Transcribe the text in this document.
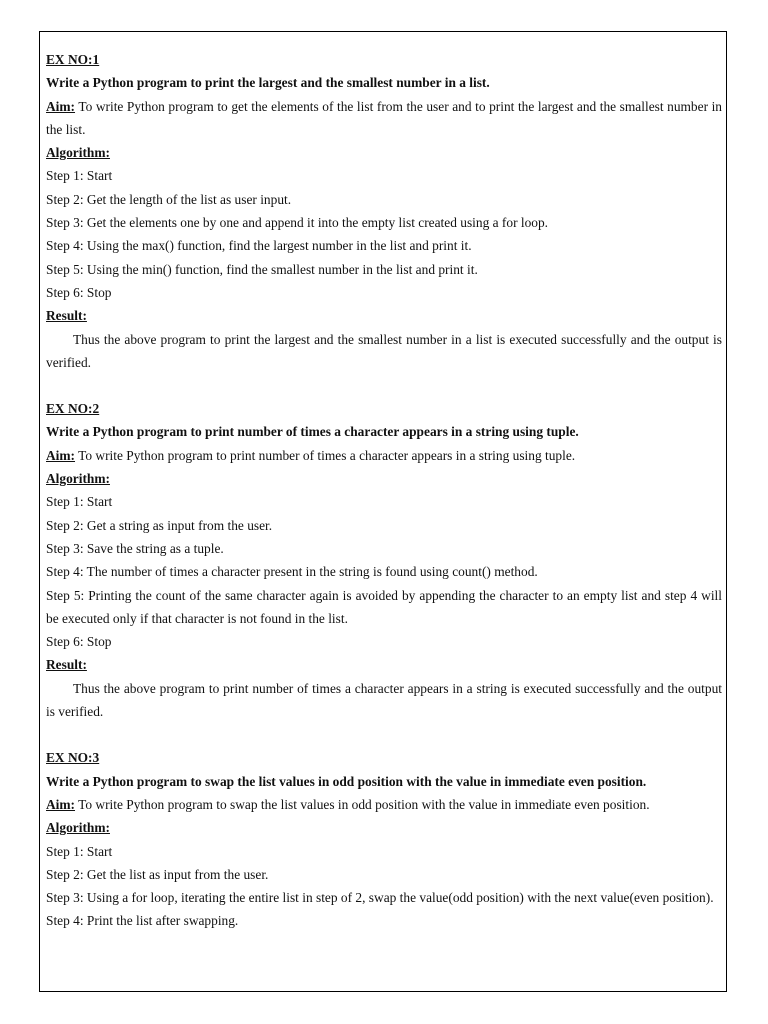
EX NO:1
Write a Python program to print the largest and the smallest number in a list.
Aim: To write Python program to get the elements of the list from the user and to print the largest and the smallest number in the list.
Algorithm:
Step 1: Start
Step 2: Get the length of the list as user input.
Step 3: Get the elements one by one and append it into the empty list created using a for loop.
Step 4: Using the max() function, find the largest number in the list and print it.
Step 5: Using the min() function, find the smallest number in the list and print it.
Step 6: Stop
Result:
Thus the above program to print the largest and the smallest number in a list is executed successfully and the output is verified.
EX NO:2
Write a Python program to print number of times a character appears in a string using tuple.
Aim: To write Python program to print number of times a character appears in a string using tuple.
Algorithm:
Step 1: Start
Step 2: Get a string as input from the user.
Step 3: Save the string as a tuple.
Step 4: The number of times a character present in the string is found using count() method.
Step 5: Printing the count of the same character again is avoided by appending the character to an empty list and step 4 will be executed only if that character is not found in the list.
Step 6: Stop
Result:
Thus the above program to print number of times a character appears in a string is executed successfully and the output is verified.
EX NO:3
Write a Python program to swap the list values in odd position with the value in immediate even position.
Aim: To write Python program to swap the list values in odd position with the value in immediate even position.
Algorithm:
Step 1: Start
Step 2: Get the list as input from the user.
Step 3: Using a for loop, iterating the entire list in step of 2, swap the value(odd position) with the next value(even position).
Step 4: Print the list after swapping.
